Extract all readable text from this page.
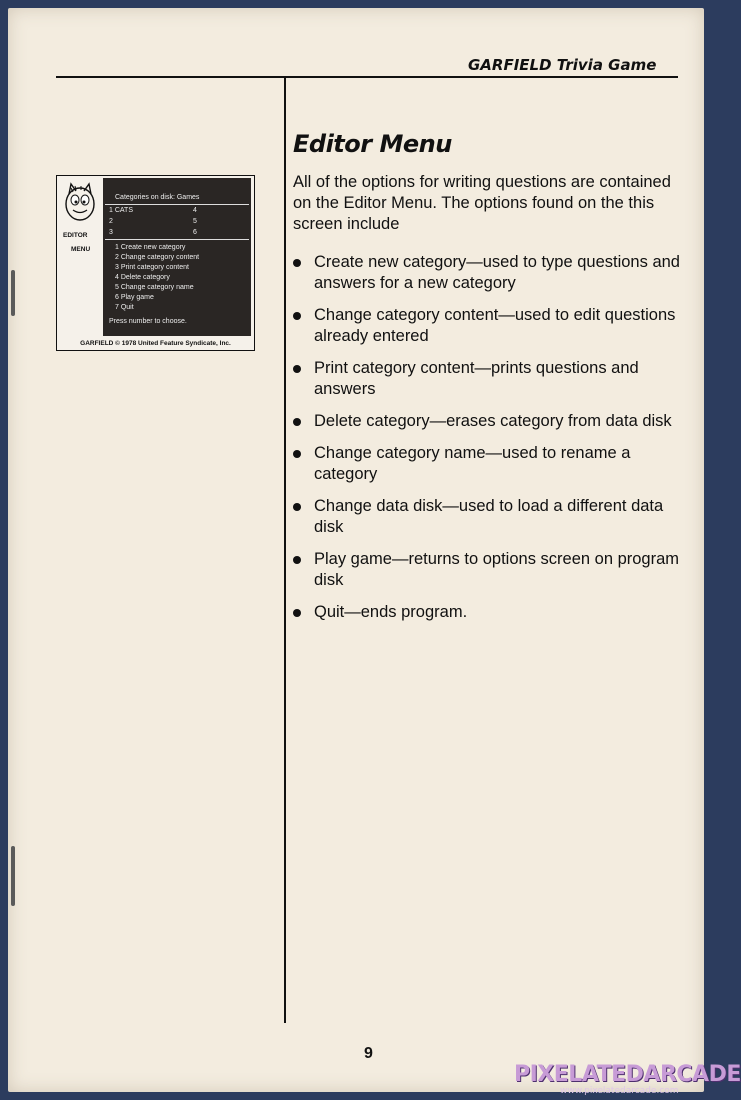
GARFIELD Trivia Game
EDITOR
MENU
Categories on disk: Games
1 CATS
2
3
4
5
6
1 Create new category
2 Change category content
3 Print category content
4 Delete category
5 Change category name
6 Play game
7 Quit
Press number to choose.
GARFIELD © 1978 United Feature Syndicate, Inc.
Editor Menu
All of the options for writing questions are contained on the Editor Menu. The options found on the this screen include
Create new category—used to type questions and answers for a new category
Change category content—used to edit questions already entered
Print category content—prints questions and answers
Delete category—erases category from data disk
Change category name—used to rename a category
Change data disk—used to load a different data disk
Play game—returns to options screen on program disk
Quit—ends program.
9
PIXELATEDARCADE
www.pixelatedarcade.com
